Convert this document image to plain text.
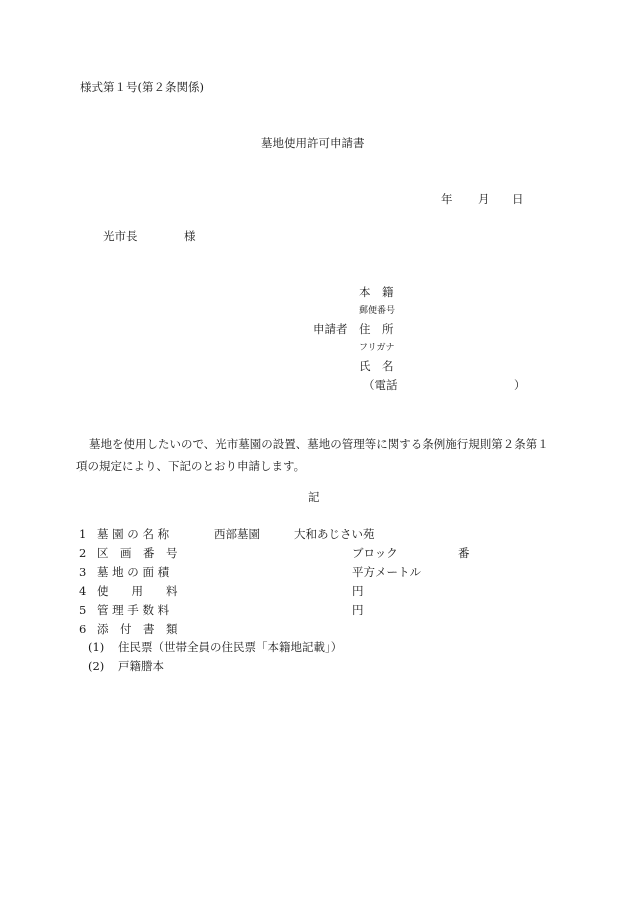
様式第１号(第２条関係)
墓地使用許可申請書
年 月 日
光市長	様
本　籍
郵便番号
申請者 住　所
フリガナ
氏　名
（電話	）
墓地を使用したいので、光市墓園の設置、墓地の管理等に関する条例施行規則第２条第１項の規定により、下記のとおり申請します。
記
1 墓 園 の 名 称	西部墓園	大和あじさい苑
2 区　画　番　号	ブロック	番
3 墓 地 の 面 積	平方メートル
4 使　　用　　料	円
5 管 理 手 数 料	円
6 添　付　書　類
(1) 住民票（世帯全員の住民票「本籍地記載」）
(2) 戸籍謄本
